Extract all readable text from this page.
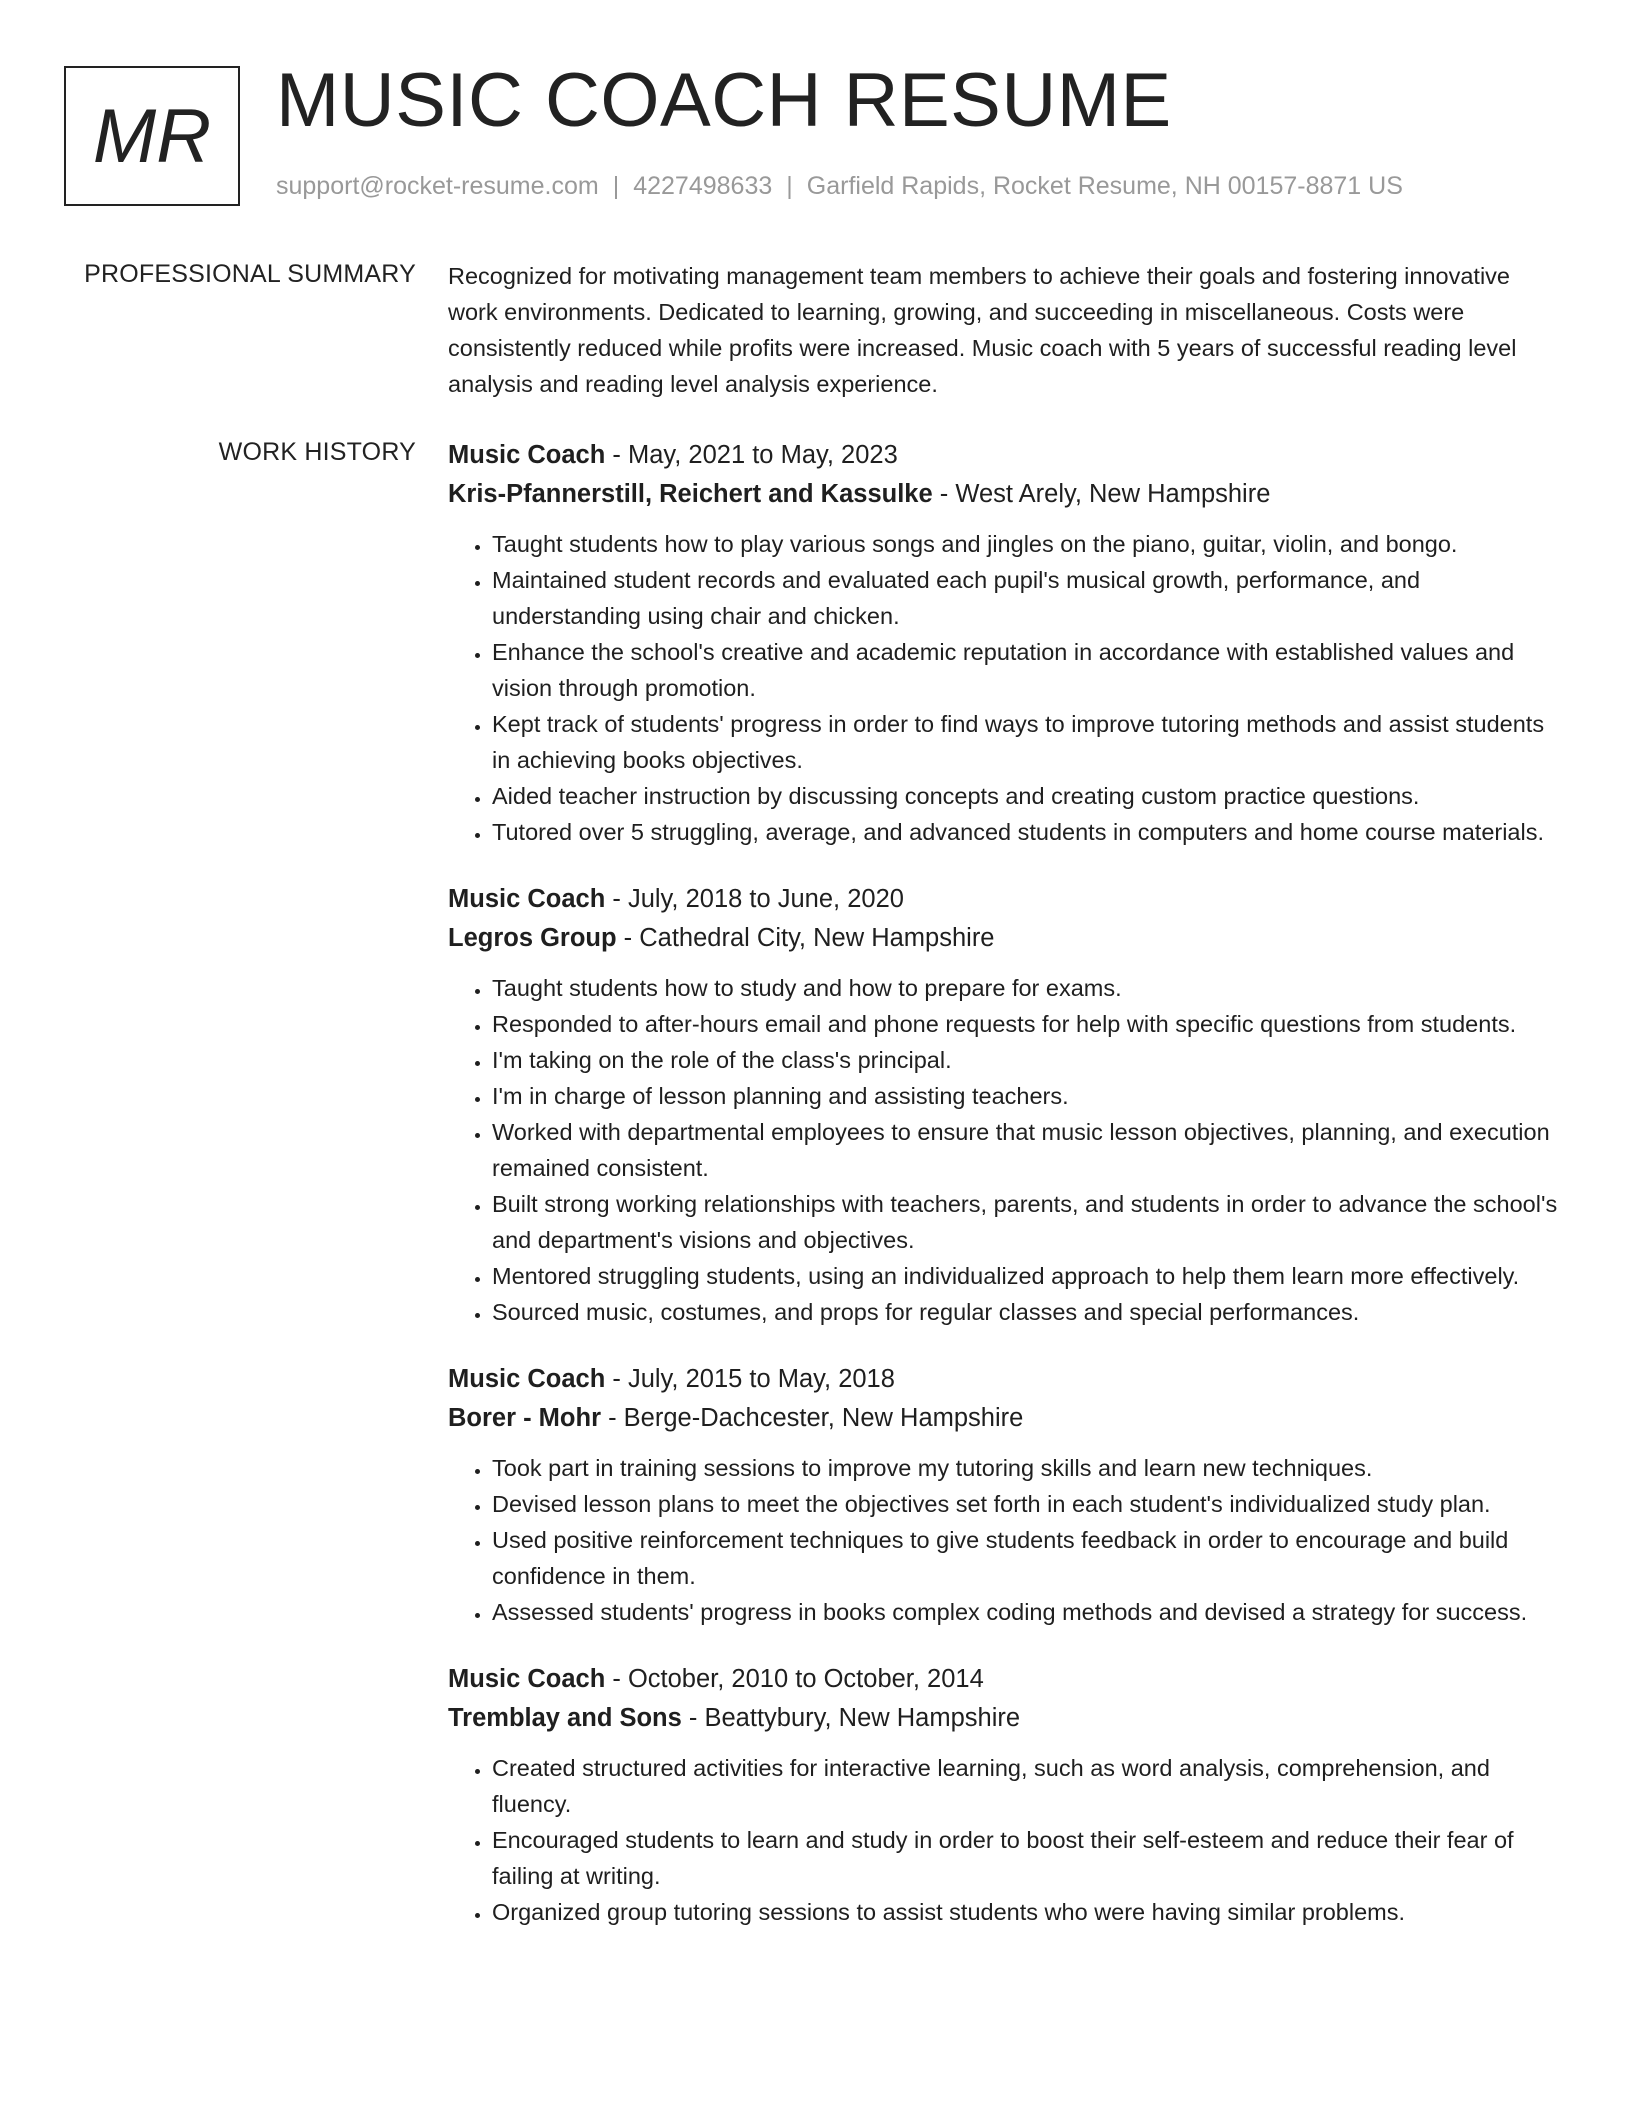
MR MUSIC COACH RESUME
support@rocket-resume.com | 4227498633 | Garfield Rapids, Rocket Resume, NH 00157-8871 US
PROFESSIONAL SUMMARY Recognized for motivating management team members to achieve their goals and fostering innovative work environments. Dedicated to learning, growing, and succeeding in miscellaneous. Costs were consistently reduced while profits were increased. Music coach with 5 years of successful reading level analysis and reading level analysis experience.

WORK HISTORY Music Coach - May, 2021 to May, 2023
Kris-Pfannerstill, Reichert and Kassulke - West Arely, New Hampshire
• Taught students how to play various songs and jingles on the piano, guitar, violin, and bongo.
• Maintained student records and evaluated each pupil's musical growth, performance, and understanding using chair and chicken.
• Enhance the school's creative and academic reputation in accordance with established values and vision through promotion.
• Kept track of students' progress in order to find ways to improve tutoring methods and assist students in achieving books objectives.
• Aided teacher instruction by discussing concepts and creating custom practice questions.
• Tutored over 5 struggling, average, and advanced students in computers and home course materials.
Music Coach - July, 2018 to June, 2020
Legros Group - Cathedral City, New Hampshire
• Taught students how to study and how to prepare for exams.
• Responded to after-hours email and phone requests for help with specific questions from students.
• I'm taking on the role of the class's principal.
• I'm in charge of lesson planning and assisting teachers.
• Worked with departmental employees to ensure that music lesson objectives, planning, and execution remained consistent.
• Built strong working relationships with teachers, parents, and students in order to advance the school's and department's visions and objectives.
• Mentored struggling students, using an individualized approach to help them learn more effectively.
• Sourced music, costumes, and props for regular classes and special performances.
Music Coach - July, 2015 to May, 2018
Borer - Mohr - Berge-Dachcester, New Hampshire
• Took part in training sessions to improve my tutoring skills and learn new techniques.
• Devised lesson plans to meet the objectives set forth in each student's individualized study plan.
• Used positive reinforcement techniques to give students feedback in order to encourage and build confidence in them.
• Assessed students' progress in books complex coding methods and devised a strategy for success.
Music Coach - October, 2010 to October, 2014
Tremblay and Sons - Beattybury, New Hampshire
• Created structured activities for interactive learning, such as word analysis, comprehension, and fluency.
• Encouraged students to learn and study in order to boost their self-esteem and reduce their fear of failing at writing.
• Organized group tutoring sessions to assist students who were having similar problems.
